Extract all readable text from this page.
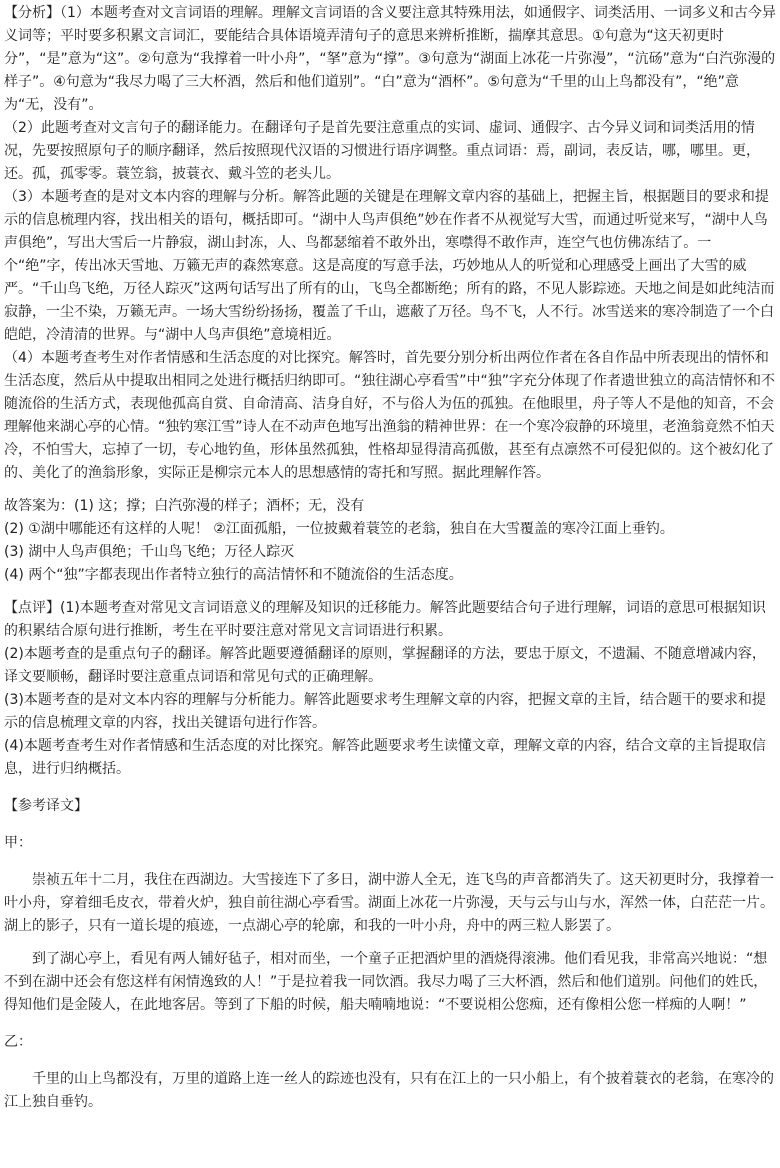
【分析】（1）本题考查对文言词语的理解。理解文言词语的含义要注意其特殊用法，如通假字、词类活用、一词多义和古今异义词等；平时要多积累文言词汇，要能结合具体语境弄清句子的意思来辨析推断，揣摩其意思。①句意为“这天初更时分”，“是”意为“这”。②句意为“我撑着一叶小舟”，“拏”意为“撑”。③句意为“湖面上冰花一片弥漫”，“沆砀”意为“白汽弥漫的样子”。④句意为“我尽力喝了三大杯酒，然后和他们道别”。“白”意为“酒杯”。⑤句意为“千里的山上鸟都没有”，“绝”意为“无，没有”。

（2）此题考查对文言句子的翻译能力。在翻译句子是首先要注意重点的实词、虚词、通假字、古今异义词和词类活用的情况，先要按照原句子的顺序翻译，然后按照现代汉语的习惯进行语序调整。重点词语：焉，副词，表反诘，哪，哪里。更，还。孤，孤零零。蓑笠翁，披蓑衣、戴斗笠的老头儿。

（3）本题考查的是对文本内容的理解与分析。解答此题的关键是在理解文章内容的基础上，把握主旨，根据题目的要求和提示的信息梳理内容，找出相关的语句，概括即可。“湖中人鸟声俱绝”妙在作者不从视觉写大雪，而通过听觉来写，“湖中人鸟声俱绝”，写出大雪后一片静寂，湖山封冻，人、鸟都瑟缩着不敢外出，寒噤得不敢作声，连空气也仿佛冻结了。一个“绝”字，传出冰天雪地、万籁无声的森然寒意。这是高度的写意手法，巧妙地从人的听觉和心理感受上画出了大雪的威严。“千山鸟飞绝，万径人踪灭”这两句话写出了所有的山，飞鸟全都断绝；所有的路，不见人影踪迹。天地之间是如此纯洁而寂静，一尘不染，万籁无声。一场大雪纷纷扬扬，覆盖了千山，遮蔽了万径。鸟不飞，人不行。冰雪送来的寒冷制造了一个白皑皑，冷清清的世界。与“湖中人鸟声俱绝”意境相近。

（4）本题考查考生对作者情感和生活态度的对比探究。解答时，首先要分别分析出两位作者在各自作品中所表现出的情怀和生活态度，然后从中提取出相同之处进行概括归纳即可。“独往湖心亭看雪”中“独”字充分体现了作者遗世独立的高洁情怀和不随流俗的生活方式，表现他孤高自赏、自命清高、洁身自好，不与俗人为伍的孤独。在他眼里，舟子等人不是他的知音，不会理解他来湖心亭的心情。“独钓寒江雪”诗人在不动声色地写出渔翁的精神世界：在一个寒冷寂静的环境里，老渔翁竟然不怕天冷，不怕雪大，忘掉了一切，专心地钓鱼，形体虽然孤独，性格却显得清高孤傲，甚至有点凛然不可侵犯似的。这个被幻化了的、美化了的渔翁形象，实际正是柳宗元本人的思想感情的寄托和写照。据此理解作答。

故答案为：(1) 这；撑；白汽弥漫的样子；酒杯；无，没有

(2) ①湖中哪能还有这样的人呢！ ②江面孤船，一位披戴着蓑笠的老翁，独自在大雪覆盖的寒冷江面上垂钓。

(3) 湖中人鸟声俱绝；千山鸟飞绝；万径人踪灭

(4) 两个“独”字都表现出作者特立独行的高洁情怀和不随流俗的生活态度。

【点评】(1)本题考查对常见文言词语意义的理解及知识的迁移能力。解答此题要结合句子进行理解，词语的意思可根据知识的积累结合原句进行推断，考生在平时要注意对常见文言词语进行积累。

(2)本题考查的是重点句子的翻译。解答此题要遵循翻译的原则，掌握翻译的方法，要忠于原文，不遗漏、不随意增减内容，译文要顺畅，翻译时要注意重点词语和常见句式的正确理解。

(3)本题考查的是对文本内容的理解与分析能力。解答此题要求考生理解文章的内容，把握文章的主旨，结合题干的要求和提示的信息梳理文章的内容，找出关键语句进行作答。

(4)本题考查考生对作者情感和生活态度的对比探究。解答此题要求考生读懂文章，理解文章的内容，结合文章的主旨提取信息，进行归纳概括。

【参考译文】

甲：

崇祯五年十二月，我住在西湖边。大雪接连下了多日，湖中游人全无，连飞鸟的声音都消失了。这天初更时分，我撑着一叶小舟，穿着细毛皮衣，带着火炉，独自前往湖心亭看雪。湖面上冰花一片弥漫，天与云与山与水，浑然一体，白茫茫一片。湖上的影子，只有一道长堤的痕迹，一点湖心亭的轮廓，和我的一叶小舟，舟中的两三粒人影罢了。

到了湖心亭上，看见有两人铺好毡子，相对而坐，一个童子正把酒炉里的酒烧得滚沸。他们看见我，非常高兴地说：“想不到在湖中还会有您这样有闲情逸致的人！”于是拉着我一同饮酒。我尽力喝了三大杯酒，然后和他们道别。问他们的姓氏，得知他们是金陵人，在此地客居。等到了下船的时候，船夫喃喃地说：“不要说相公您痴，还有像相公您一样痴的人啊！”

乙：

千里的山上鸟都没有，万里的道路上连一丝人的踪迹也没有，只有在江上的一只小船上，有个披着蓑衣的老翁，在寒冷的江上独自垂钓。
